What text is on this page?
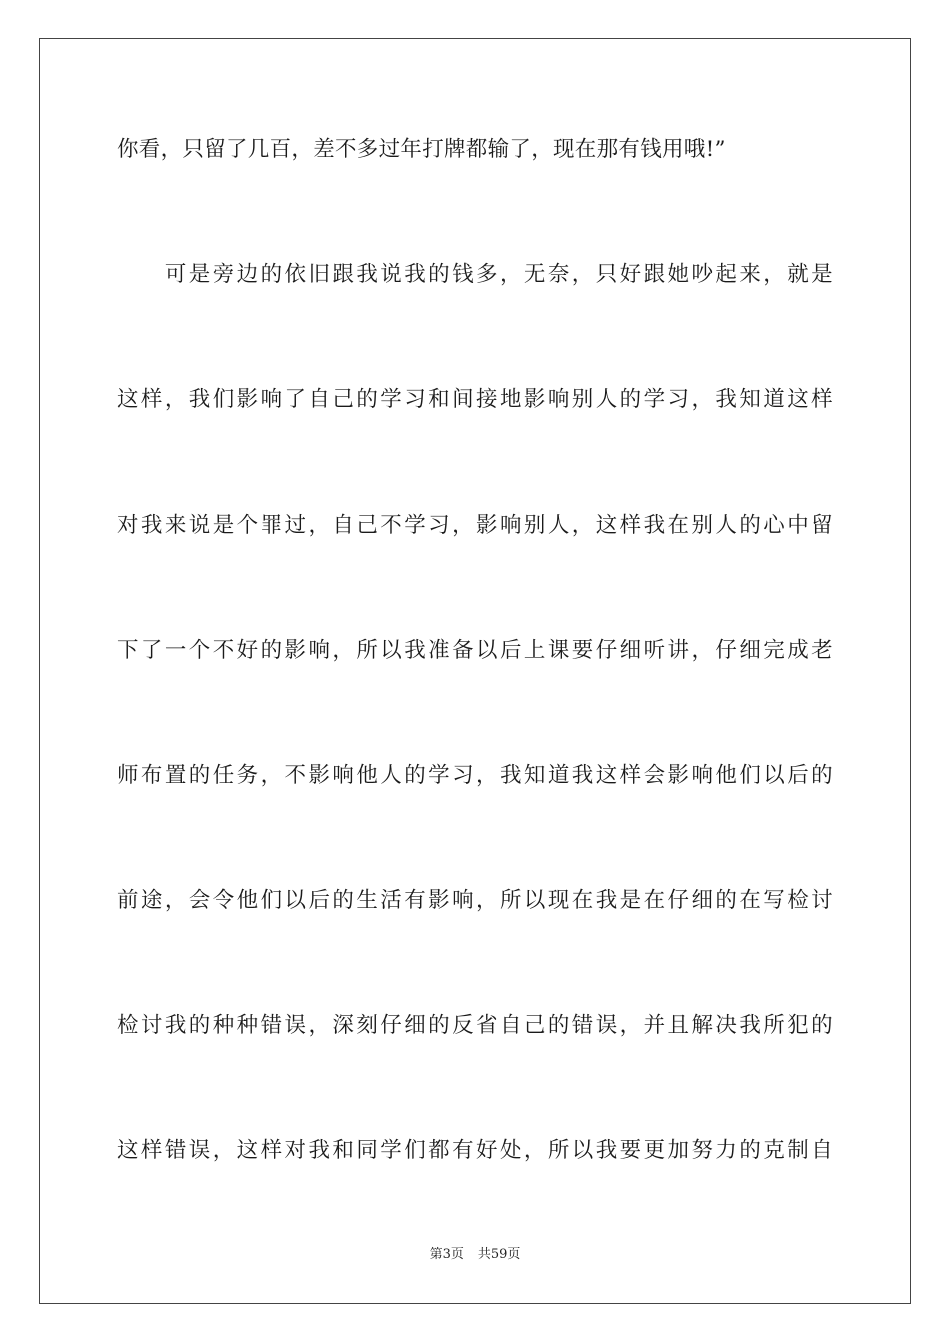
你看，只留了几百，差不多过年打牌都输了，现在那有钱用哦!”
　　可是旁边的依旧跟我说我的钱多，无奈，只好跟她吵起来，就是
这样，我们影响了自己的学习和间接地影响别人的学习，我知道这样
对我来说是个罪过，自己不学习，影响别人，这样我在别人的心中留
下了一个不好的影响，所以我准备以后上课要仔细听讲，仔细完成老
师布置的任务，不影响他人的学习，我知道我这样会影响他们以后的
前途，会令他们以后的生活有影响，所以现在我是在仔细的在写检讨
检讨我的种种错误，深刻仔细的反省自己的错误，并且解决我所犯的
这样错误，这样对我和同学们都有好处，所以我要更加努力的克制自
第3页 共59页
